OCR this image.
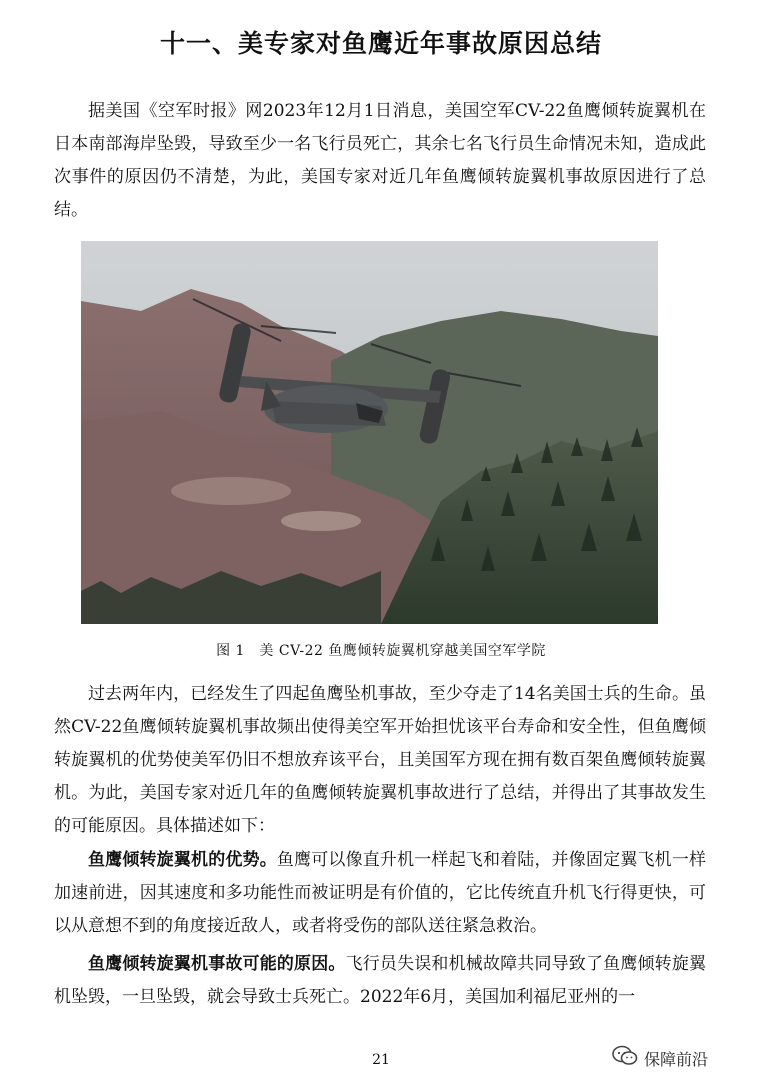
十一、美专家对鱼鹰近年事故原因总结

据美国《空军时报》网2023年12月1日消息，美国空军CV-22鱼鹰倾转旋翼机在日本南部海岸坠毁，导致至少一名飞行员死亡，其余七名飞行员生命情况未知，造成此次事件的原因仍不清楚，为此，美国专家对近几年鱼鹰倾转旋翼机事故原因进行了总结。

图 1　美 CV-22 鱼鹰倾转旋翼机穿越美国空军学院

过去两年内，已经发生了四起鱼鹰坠机事故，至少夺走了14名美国士兵的生命。虽然CV-22鱼鹰倾转旋翼机事故频出使得美空军开始担忧该平台寿命和安全性，但鱼鹰倾转旋翼机的优势使美军仍旧不想放弃该平台，且美国军方现在拥有数百架鱼鹰倾转旋翼机。为此，美国专家对近几年的鱼鹰倾转旋翼机事故进行了总结，并得出了其事故发生的可能原因。具体描述如下：

鱼鹰倾转旋翼机的优势。鱼鹰可以像直升机一样起飞和着陆，并像固定翼飞机一样加速前进，因其速度和多功能性而被证明是有价值的，它比传统直升机飞行得更快，可以从意想不到的角度接近敌人，或者将受伤的部队送往紧急救治。

鱼鹰倾转旋翼机事故可能的原因。飞行员失误和机械故障共同导致了鱼鹰倾转旋翼机坠毁，一旦坠毁，就会导致士兵死亡。2022年6月，美国加利福尼亚州的一

21	保障前沿
